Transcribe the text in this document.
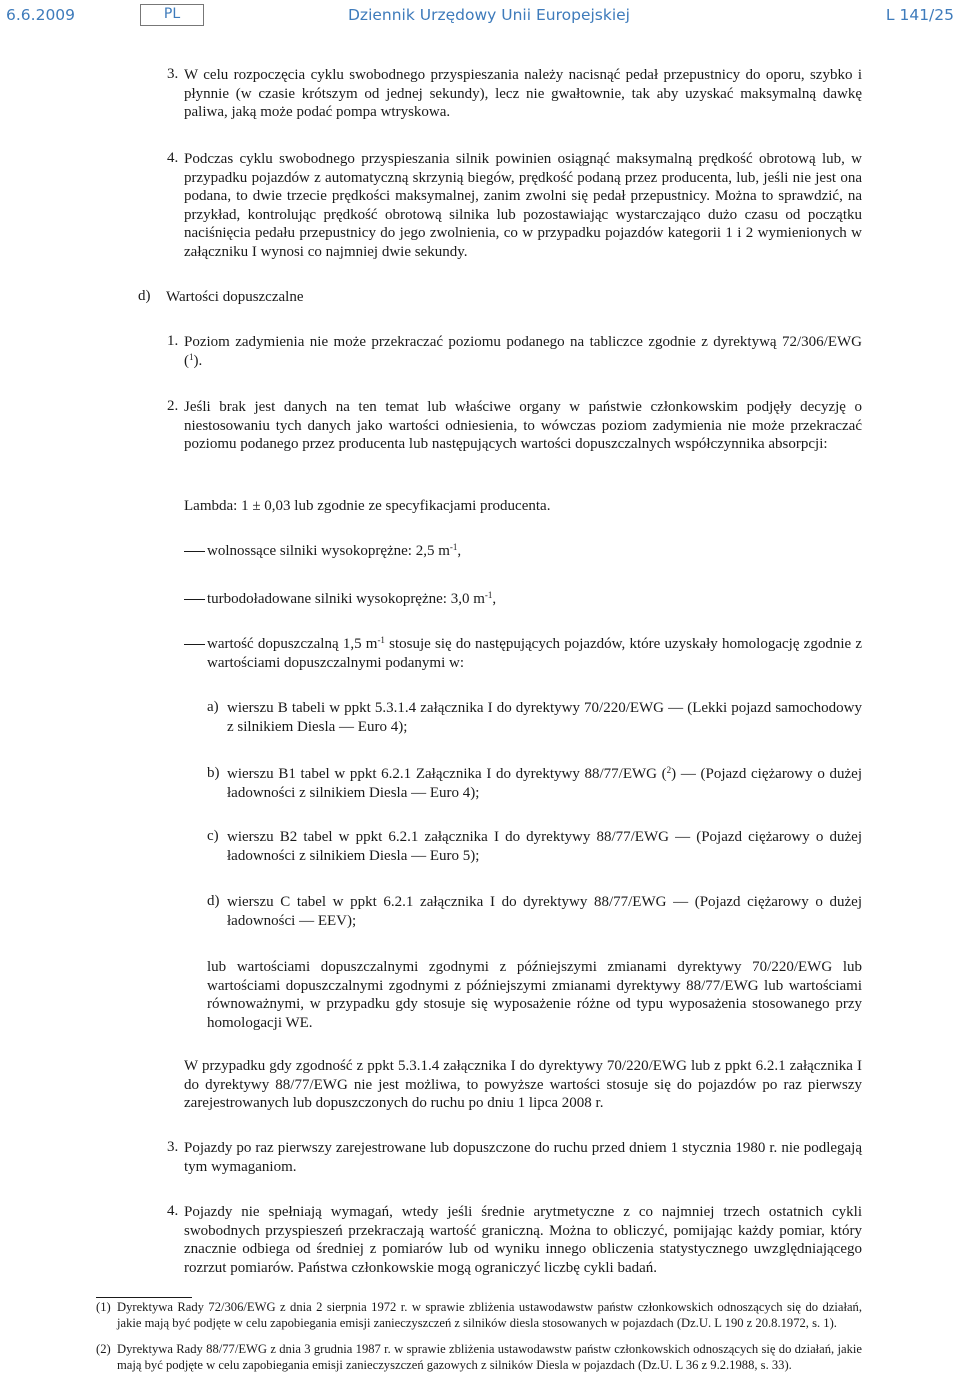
6.6.2009	PL	Dziennik Urzędowy Unii Europejskiej	L 141/25
3. W celu rozpoczęcia cyklu swobodnego przyspieszania należy nacisnąć pedał przepustnicy do oporu, szybko i płynnie (w czasie krótszym od jednej sekundy), lecz nie gwałtownie, tak aby uzyskać maksymalną dawkę paliwa, jaką może podać pompa wtryskowa.
4. Podczas cyklu swobodnego przyspieszania silnik powinien osiągnąć maksymalną prędkość obrotową lub, w przypadku pojazdów z automatyczną skrzynią biegów, prędkość podaną przez producenta, lub, jeśli nie jest ona podana, to dwie trzecie prędkości maksymalnej, zanim zwolni się pedał przepustnicy. Można to sprawdzić, na przykład, kontrolując prędkość obrotową silnika lub pozostawiając wystarczająco dużo czasu od początku naciśnięcia pedału przepustnicy do jego zwolnienia, co w przypadku pojazdów kategorii 1 i 2 wymienionych w załączniku I wynosi co najmniej dwie sekundy.
d) Wartości dopuszczalne
1. Poziom zadymienia nie może przekraczać poziomu podanego na tabliczce zgodnie z dyrektywą 72/306/EWG ($^1$).
2. Jeśli brak jest danych na ten temat lub właściwe organy w państwie członkowskim podjęły decyzję o niestosowaniu tych danych jako wartości odniesienia, to wówczas poziom zadymienia nie może przekraczać poziomu podanego przez producenta lub następujących wartości dopuszczalnych współczynnika absorpcji:
Lambda: 1 ± 0,03 lub zgodnie ze specyfikacjami producenta.
wolnossące silniki wysokoprężne: 2,5 $m^{-1}$,
turbodoładowane silniki wysokoprężne: 3,0 $m^{-1}$,
wartość dopuszczalną 1,5 $m^{-1}$ stosuje się do następujących pojazdów, które uzyskały homologację zgodnie z wartościami dopuszczalnymi podanymi w:
a) wierszu B tabeli w ppkt 5.3.1.4 załącznika I do dyrektywy 70/220/EWG — (Lekki pojazd samochodowy z silnikiem Diesla — Euro 4);
b) wierszu B1 tabel w ppkt 6.2.1 Załącznika I do dyrektywy 88/77/EWG ($^2$) — (Pojazd ciężarowy o dużej ładowności z silnikiem Diesla — Euro 4);
c) wierszu B2 tabel w ppkt 6.2.1 załącznika I do dyrektywy 88/77/EWG — (Pojazd ciężarowy o dużej ładowności z silnikiem Diesla — Euro 5);
d) wierszu C tabel w ppkt 6.2.1 załącznika I do dyrektywy 88/77/EWG — (Pojazd ciężarowy o dużej ładowności — EEV);
lub wartościami dopuszczalnymi zgodnymi z późniejszymi zmianami dyrektywy 70/220/EWG lub wartościami dopuszczalnymi zgodnymi z późniejszymi zmianami dyrektywy 88/77/EWG lub wartościami równoważnymi, w przypadku gdy stosuje się wyposażenie różne od typu wyposażenia stosowanego przy homologacji WE.
W przypadku gdy zgodność z ppkt 5.3.1.4 załącznika I do dyrektywy 70/220/EWG lub z ppkt 6.2.1 załącznika I do dyrektywy 88/77/EWG nie jest możliwa, to powyższe wartości stosuje się do pojazdów po raz pierwszy zarejestrowanych lub dopuszczonych do ruchu po dniu 1 lipca 2008 r.
3. Pojazdy po raz pierwszy zarejestrowane lub dopuszczone do ruchu przed dniem 1 stycznia 1980 r. nie podlegają tym wymaganiom.
4. Pojazdy nie spełniają wymagań, wtedy jeśli średnie arytmetyczne z co najmniej trzech ostatnich cykli swobodnych przyspieszeń przekraczają wartość graniczną. Można to obliczyć, pomijając każdy pomiar, który znacznie odbiega od średniej z pomiarów lub od wyniku innego obliczenia statystycznego uwzględniającego rozrzut pomiarów. Państwa członkowskie mogą ograniczyć liczbę cykli badań.
(1) Dyrektywa Rady 72/306/EWG z dnia 2 sierpnia 1972 r. w sprawie zbliżenia ustawodawstw państw członkowskich odnoszących się do działań, jakie mają być podjęte w celu zapobiegania emisji zanieczyszczeń z silników diesla stosowanych w pojazdach (Dz.U. L 190 z 20.8.1972, s. 1).
(2) Dyrektywa Rady 88/77/EWG z dnia 3 grudnia 1987 r. w sprawie zbliżenia ustawodawstw państw członkowskich odnoszących się do działań, jakie mają być podjęte w celu zapobiegania emisji zanieczyszczeń gazowych z silników Diesla w pojazdach (Dz.U. L 36 z 9.2.1988, s. 33).
